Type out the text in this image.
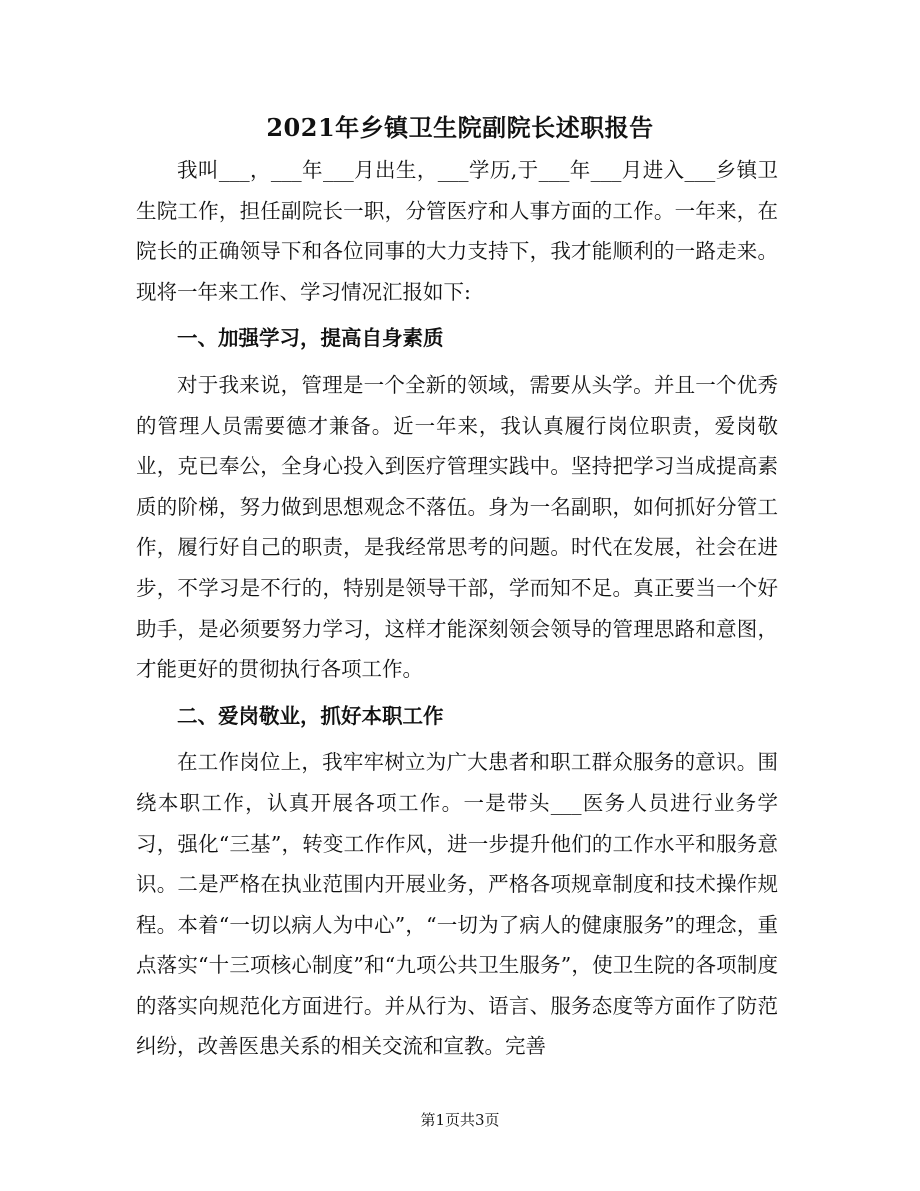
2021年乡镇卫生院副院长述职报告

我叫___，___年___月出生，___学历,于___年___月进入___乡镇卫生院工作，担任副院长一职，分管医疗和人事方面的工作。一年来，在院长的正确领导下和各位同事的大力支持下，我才能顺利的一路走来。现将一年来工作、学习情况汇报如下:

一、加强学习，提高自身素质

对于我来说，管理是一个全新的领域，需要从头学。并且一个优秀的管理人员需要德才兼备。近一年来，我认真履行岗位职责，爱岗敬业，克已奉公，全身心投入到医疗管理实践中。坚持把学习当成提高素质的阶梯，努力做到思想观念不落伍。身为一名副职，如何抓好分管工作，履行好自己的职责，是我经常思考的问题。时代在发展，社会在进步，不学习是不行的，特别是领导干部，学而知不足。真正要当一个好助手，是必须要努力学习，这样才能深刻领会领导的管理思路和意图，才能更好的贯彻执行各项工作。

二、爱岗敬业，抓好本职工作

在工作岗位上，我牢牢树立为广大患者和职工群众服务的意识。围绕本职工作，认真开展各项工作。一是带头___医务人员进行业务学习，强化“三基”，转变工作作风，进一步提升他们的工作水平和服务意识。二是严格在执业范围内开展业务，严格各项规章制度和技术操作规程。本着“一切以病人为中心”，“一切为了病人的健康服务”的理念，重点落实“十三项核心制度”和“九项公共卫生服务”，使卫生院的各项制度的落实向规范化方面进行。并从行为、语言、服务态度等方面作了防范纠纷，改善医患关系的相关交流和宣教。完善

第1页共3页
